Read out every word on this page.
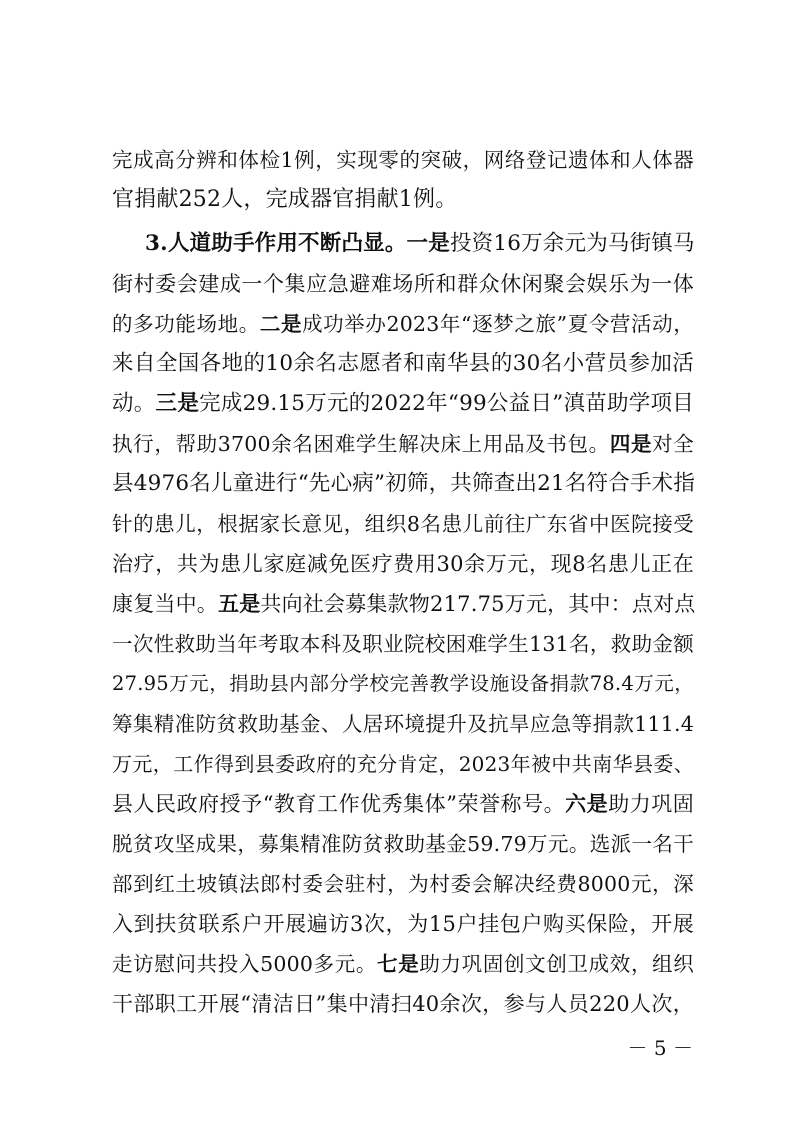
完成高分辨和体检1例，实现零的突破，网络登记遗体和人体器
官捐献252人，完成器官捐献1例。
3.人道助手作用不断凸显。一是投资16万余元为马街镇马
街村委会建成一个集应急避难场所和群众休闲聚会娱乐为一体
的多功能场地。二是成功举办2023年“逐梦之旅”夏令营活动，
来自全国各地的10余名志愿者和南华县的30名小营员参加活
动。三是完成29.15万元的2022年“99公益日”滇苗助学项目
执行，帮助3700余名困难学生解决床上用品及书包。四是对全
县4976名儿童进行“先心病”初筛，共筛查出21名符合手术指
针的患儿，根据家长意见，组织8名患儿前往广东省中医院接受
治疗，共为患儿家庭减免医疗费用30余万元，现8名患儿正在
康复当中。五是共向社会募集款物217.75万元，其中：点对点
一次性救助当年考取本科及职业院校困难学生131名，救助金额
27.95万元，捐助县内部分学校完善教学设施设备捐款78.4万元，
筹集精准防贫救助基金、人居环境提升及抗旱应急等捐款111.4
万元，工作得到县委政府的充分肯定，2023年被中共南华县委、
县人民政府授予“教育工作优秀集体”荣誉称号。六是助力巩固
脱贫攻坚成果，募集精准防贫救助基金59.79万元。选派一名干
部到红土坡镇法郎村委会驻村，为村委会解决经费8000元，深
入到扶贫联系户开展遍访3次，为15户挂包户购买保险，开展
走访慰问共投入5000多元。七是助力巩固创文创卫成效，组织
干部职工开展“清洁日”集中清扫40余次，参与人员220人次，
－ 5 －
